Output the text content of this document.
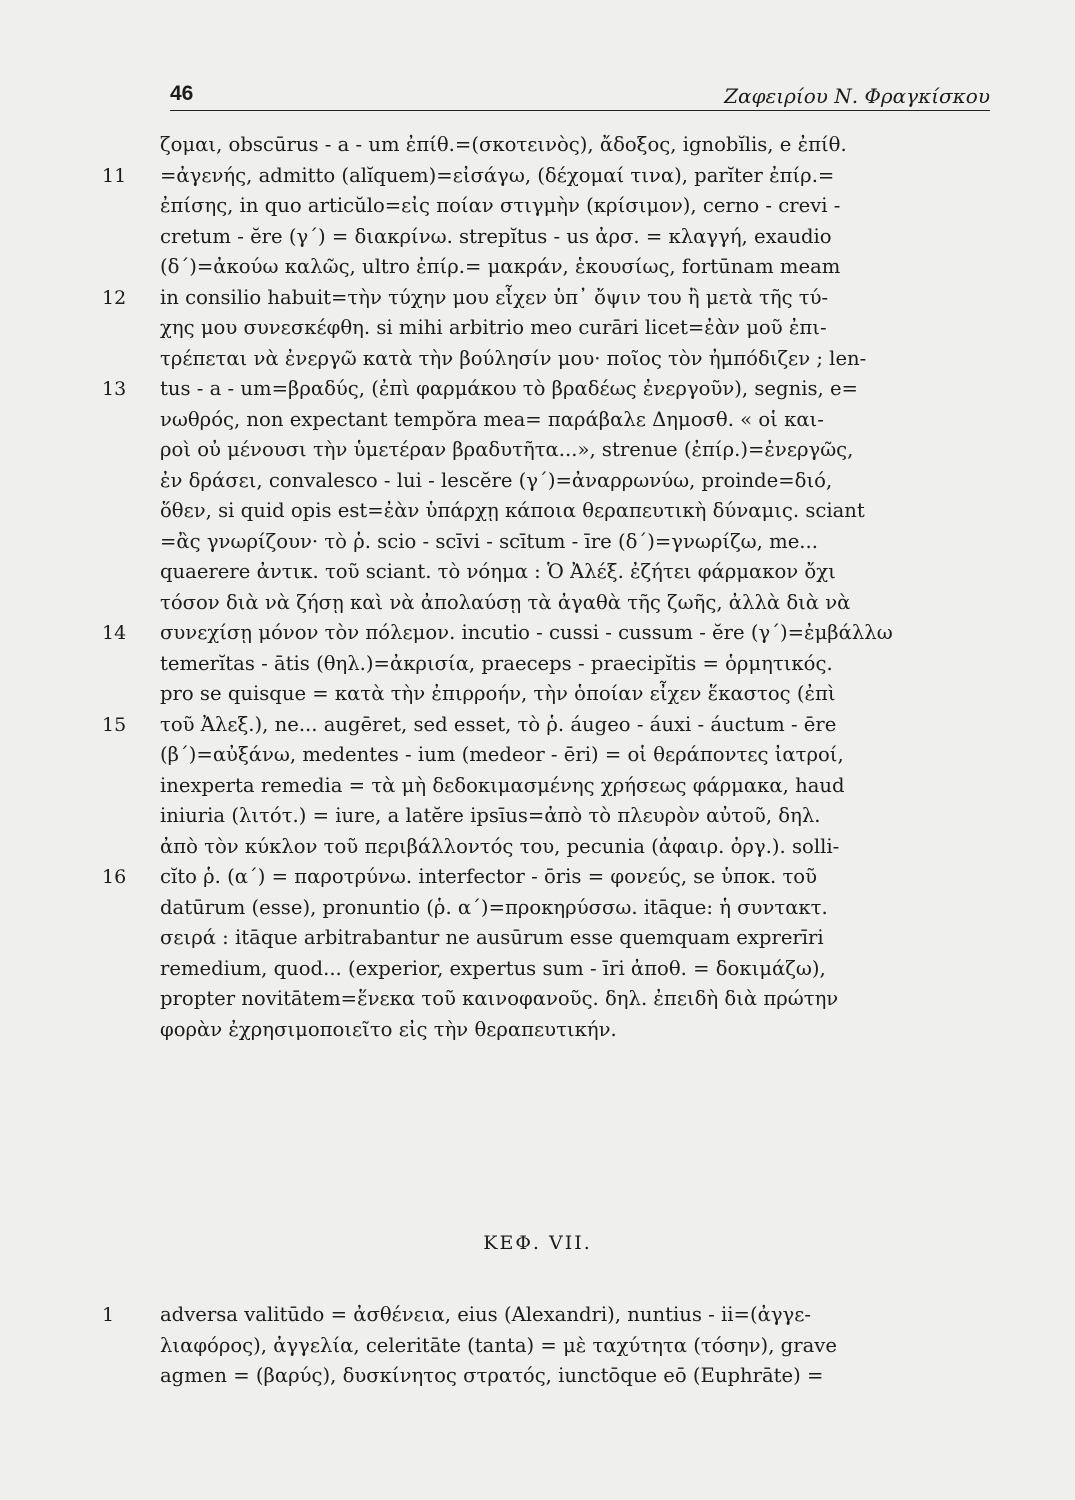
46	Ζαφειρίου Ν. Φραγκίσκου
ζομαι, obscūrus - a - um ἐπίθ.=(σκοτεινὸς), ἄδοξος, ignobĭlis, e ἐπίθ.
11	=ἀγενής, admitto (alĭquem)=εἰσάγω, (δέχομαί τινα), parĭter ἐπίρ.=
ἐπίσης, in quo articŭlo=εἰς ποίαν στιγμὴν (κρίσιμον), cerno - crevi -
cretum - ĕre (γ΄) = διακρίνω. strepĭtus - us ἀρσ. = κλαγγή, exaudio
(δ΄)=ἀκούω καλῶς, ultro ἐπίρ.= μακράν, ἑκουσίως, fortūnam meam
12	in consilio habuit=τὴν τύχην μου εἶχεν ὑπ᾽ ὄψιν του ἢ μετὰ τῆς τύ-
χης μου συνεσκέφθη. si mihi arbitrio meo curāri licet=ἐὰν μοῦ ἐπι-
τρέπεται νὰ ἐνεργῶ κατὰ τὴν βούλησίν μου· ποῖος τὸν ἠμπόδιζεν ; len-
13	tus - a - um=βραδύς, (ἐπὶ φαρμάκου τὸ βραδέως ἐνεργοῦν), segnis, e=
νωθρός, non expectant tempŏra mea= παράβαλε Δημοσθ. « οἱ και-
ροὶ οὐ μένουσι τὴν ὑμετέραν βραδυτῆτα...», strenue (ἐπίρ.)=ἐνεργῶς,
ἐν δράσει, convalesco - lui - lescĕre (γ΄)=ἀναρρωνύω, proinde=διό,
ὅθεν, si quid opis est=ἐὰν ὑπάρχῃ κάποια θεραπευτικὴ δύναμις. sciant
=ἂς γνωρίζουν· τὸ ῥ. scio - scīvi - scītum - īre (δ΄)=γνωρίζω, me...
quaerere ἀντικ. τοῦ sciant. τὸ νόημα : Ὁ Ἀλέξ. ἐζήτει φάρμακον ὄχι
τόσον διὰ νὰ ζήσῃ καὶ νὰ ἀπολαύσῃ τὰ ἀγαθὰ τῆς ζωῆς, ἀλλὰ διὰ νὰ
14	συνεχίσῃ μόνον τὸν πόλεμον. incutio - cussi - cussum - ĕre (γ΄)=ἐμβάλλω
temerĭtas - ātis (θηλ.)=ἀκρισία, praeceps - praecipĭtis = ὁρμητικός.
pro se quisque = κατὰ τὴν ἐπιρροήν, τὴν ὁποίαν εἶχεν ἕκαστος (ἐπὶ
15	τοῦ Ἀλεξ.), ne... augēret, sed esset, τὸ ῥ. áugeo - áuxi - áuctum - ēre
(β΄)=αὐξάνω, medentes - ium (medeor - ēri) = οἱ θεράποντες ἰατροί,
inexperta remedia = τὰ μὴ δεδοκιμασμένης χρήσεως φάρμακα, haud
iniuria (λιτότ.) = iure, a latĕre ipsīus=ἀπὸ τὸ πλευρὸν αὐτοῦ, δηλ.
ἀπὸ τὸν κύκλον τοῦ περιβάλλοντός του, pecunia (ἀφαιρ. ὀργ.). solli-
16	cĭto ῥ. (α΄) = παροτρύνω. interfector - ōris = φονεύς, se ὑποκ. τοῦ
datūrum (esse), pronuntio (ῥ. α΄)=προκηρύσσω. itāque: ἡ συντακτ.
σειρά : itāque arbitrabantur ne ausūrum esse quemquam exprerīri
remedium, quod... (experior, expertus sum - īri ἀποθ. = δοκιμάζω),
propter novitātem=ἕνεκα τοῦ καινοφανοῦς. δηλ. ἐπειδὴ διὰ πρώτην
φορὰν ἐχρησιμοποιεῖτο εἰς τὴν θεραπευτικήν.
ΚΕΦ. VII.
1	adversa valitūdo = ἀσθένεια, eius (Alexandri), nuntius - ii=(ἀγγε-
λιαφόρος), ἀγγελία, celeritāte (tanta) = μὲ ταχύτητα (τόσην), grave
agmen = (βαρύς), δυσκίνητος στρατός, iunctōque eō (Euphrāte) =
